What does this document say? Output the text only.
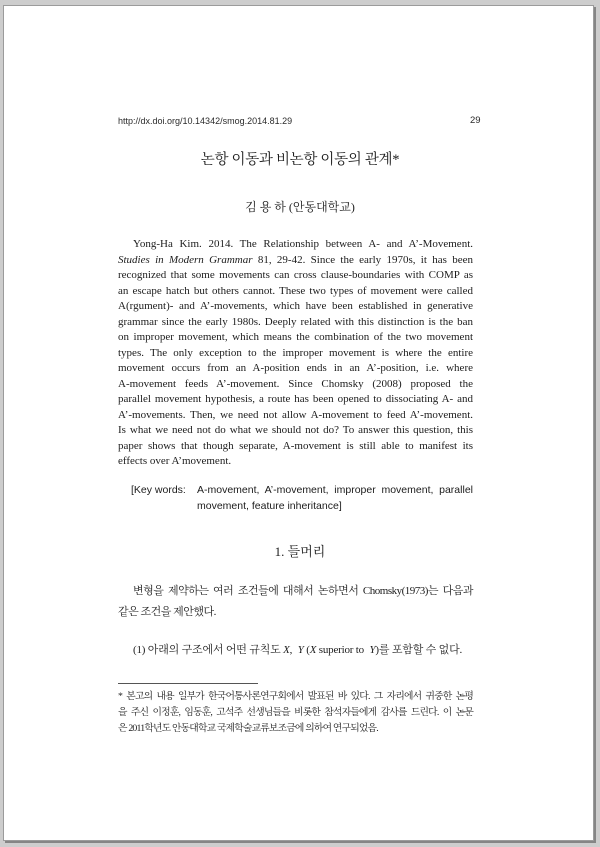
http://dx.doi.org/10.14342/smog.2014.81.29	29
논항 이동과 비논항 이동의 관계*
김 용 하 (안동대학교)
Yong-Ha Kim. 2014. The Relationship between A- and A’-Movement.
Studies in Modern Grammar 81, 29-42. Since the early 1970s, it has been
recognized that some movements can cross clause-boundaries with COMP as
an escape hatch but others cannot. These two types of movement were called
A(rgument)- and A’-movements, which have been established in generative
grammar since the early 1980s. Deeply related with this distinction is the ban
on improper movement, which means the combination of the two movement
types. The only exception to the improper movement is where the entire
movement occurs from an A-position ends in an A’-position, i.e. where
A-movement feeds A’-movement. Since Chomsky (2008) proposed the
parallel movement hypothesis, a route has been opened to dissociating A- and
A’-movements. Then, we need not allow A-movement to feed A’-movement.
Is what we need not do what we should not do? To answer this question, this
paper shows that though separate, A-movement is still able to manifest its
effects over A’movement.
[Key words: A-movement, A’-movement, improper movement, parallel
movement, feature inheritance]
1. 들머리
변형을 제약하는 여러 조건들에 대해서 논하면서 Chomsky(1973)는 다음과
같은 조건을 제안했다.
(1) 아래의 구조에서 어떤 규칙도 X, Y (X superior to Y)를 포함할 수 없다.
* 본고의 내용 일부가 한국어통사론연구회에서 발표된 바 있다. 그 자리에서 귀중한 논평
을 주신 이정훈, 임동훈, 고석주 선생님들을 비롯한 참석자들에게 감사를 드린다. 이 논문
은 2011학년도 안동대학교 국제학술교류보조금에 의하여 연구되었음.
